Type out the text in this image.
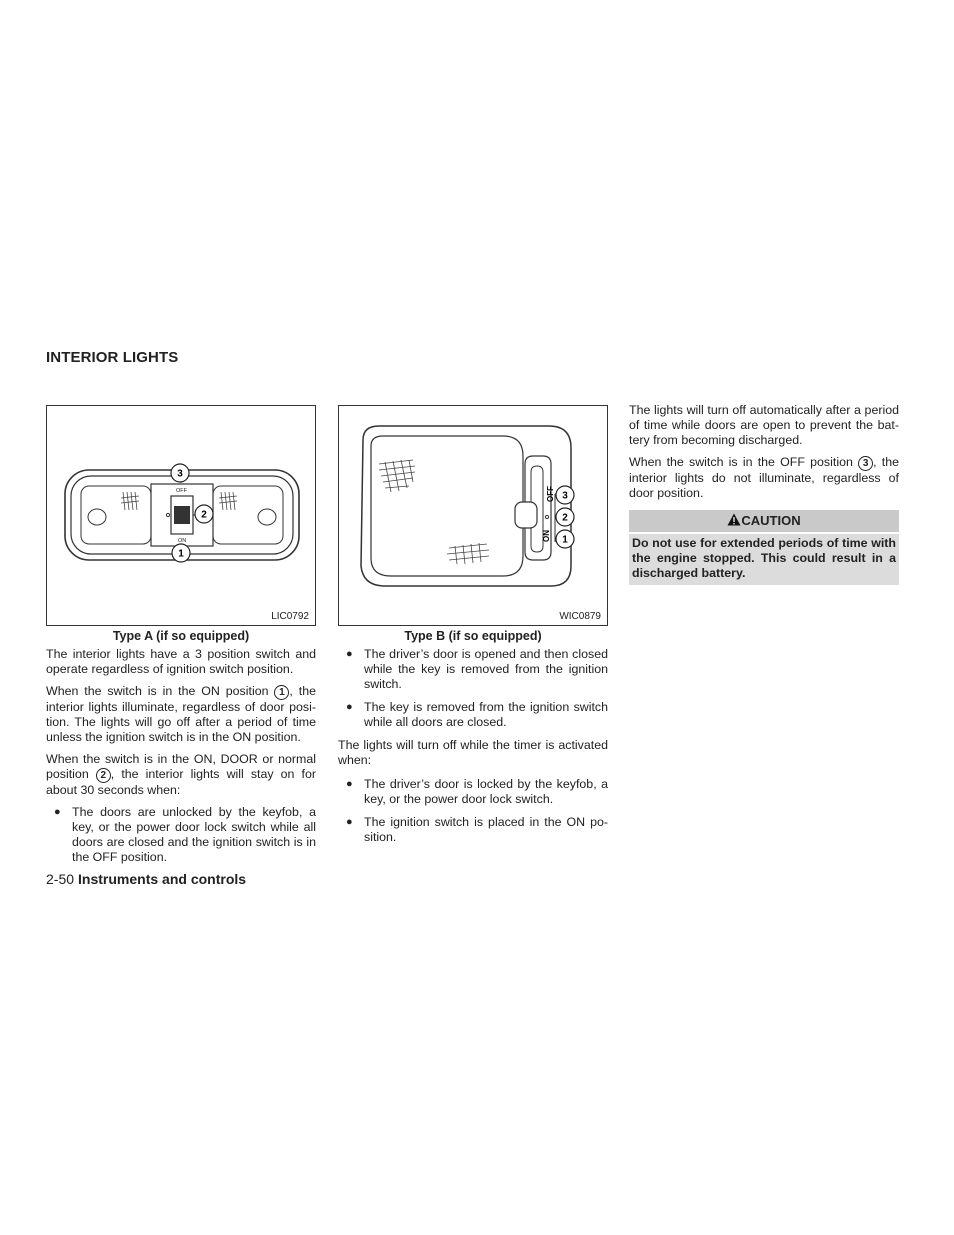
INTERIOR LIGHTS
OFF
ON
3
2
1
LIC0792
Type A (if so equipped)
OFF
ON
3
2
1
WIC0879
Type B (if so equipped)

The interior lights have a 3 position switch and operate regardless of ignition switch position.

When the switch is in the ON position 1 , the interior lights illuminate, regardless of door posi-tion. The lights will go off after a period of time unless the ignition switch is in the ON position.

When the switch is in the ON, DOOR or normal position 2 , the interior lights will stay on for about 30 seconds when:

● The doors are unlocked by the keyfob, a key, or the power door lock switch while all doors are closed and the ignition switch is in the OFF position.
● The driver’s door is opened and then closed while the key is removed from the ignition switch.
● The key is removed from the ignition switch while all doors are closed.

The lights will turn off while the timer is activated when:

● The driver’s door is locked by the keyfob, a key, or the power door lock switch.
● The ignition switch is placed in the ON po-sition.

The lights will turn off automatically after a period of time while doors are open to prevent the bat-tery from becoming discharged.

When the switch is in the OFF position 3 , the interior lights do not illuminate, regardless of door position.

CAUTION
Do not use for extended periods of time with the engine stopped. This could result in a discharged battery.
2-50 Instruments and controls
